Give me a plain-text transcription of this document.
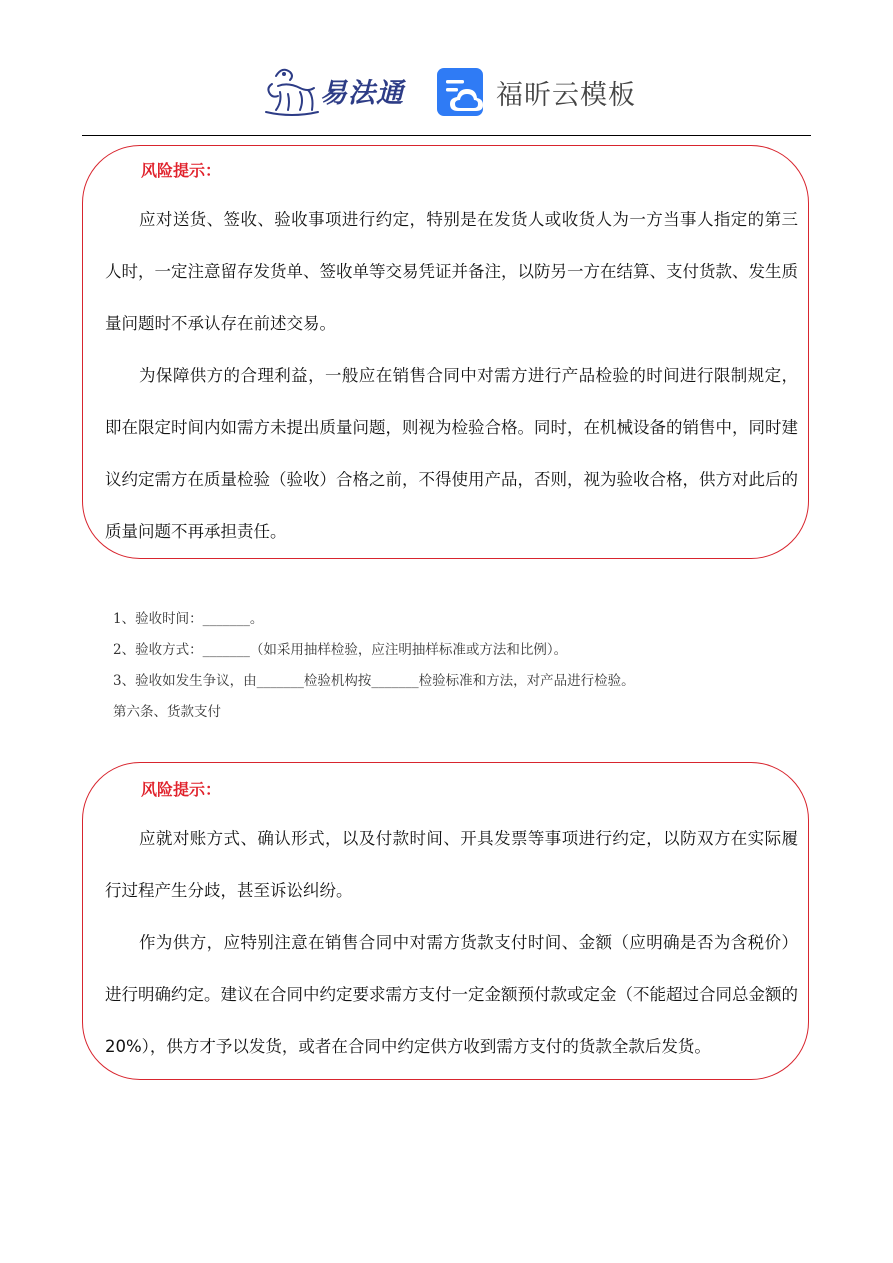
易法通	福昕云模板
风险提示：

应对送货、签收、验收事项进行约定，特别是在发货人或收货人为一方当事人指定的第三人时，一定注意留存发货单、签收单等交易凭证并备注，以防另一方在结算、支付货款、发生质量问题时不承认存在前述交易。

为保障供方的合理利益，一般应在销售合同中对需方进行产品检验的时间进行限制规定，即在限定时间内如需方未提出质量问题，则视为检验合格。同时，在机械设备的销售中，同时建议约定需方在质量检验（验收）合格之前，不得使用产品，否则，视为验收合格，供方对此后的质量问题不再承担责任。

1、验收时间：_______。
2、验收方式：_______（如采用抽样检验，应注明抽样标准或方法和比例）。
3、验收如发生争议，由_______检验机构按_______检验标准和方法，对产品进行检验。
第六条、货款支付
风险提示：

应就对账方式、确认形式，以及付款时间、开具发票等事项进行约定，以防双方在实际履行过程产生分歧，甚至诉讼纠纷。

作为供方，应特别注意在销售合同中对需方货款支付时间、金额（应明确是否为含税价）进行明确约定。建议在合同中约定要求需方支付一定金额预付款或定金（不能超过合同总金额的 20%），供方才予以发货，或者在合同中约定供方收到需方支付的货款全款后发货。
